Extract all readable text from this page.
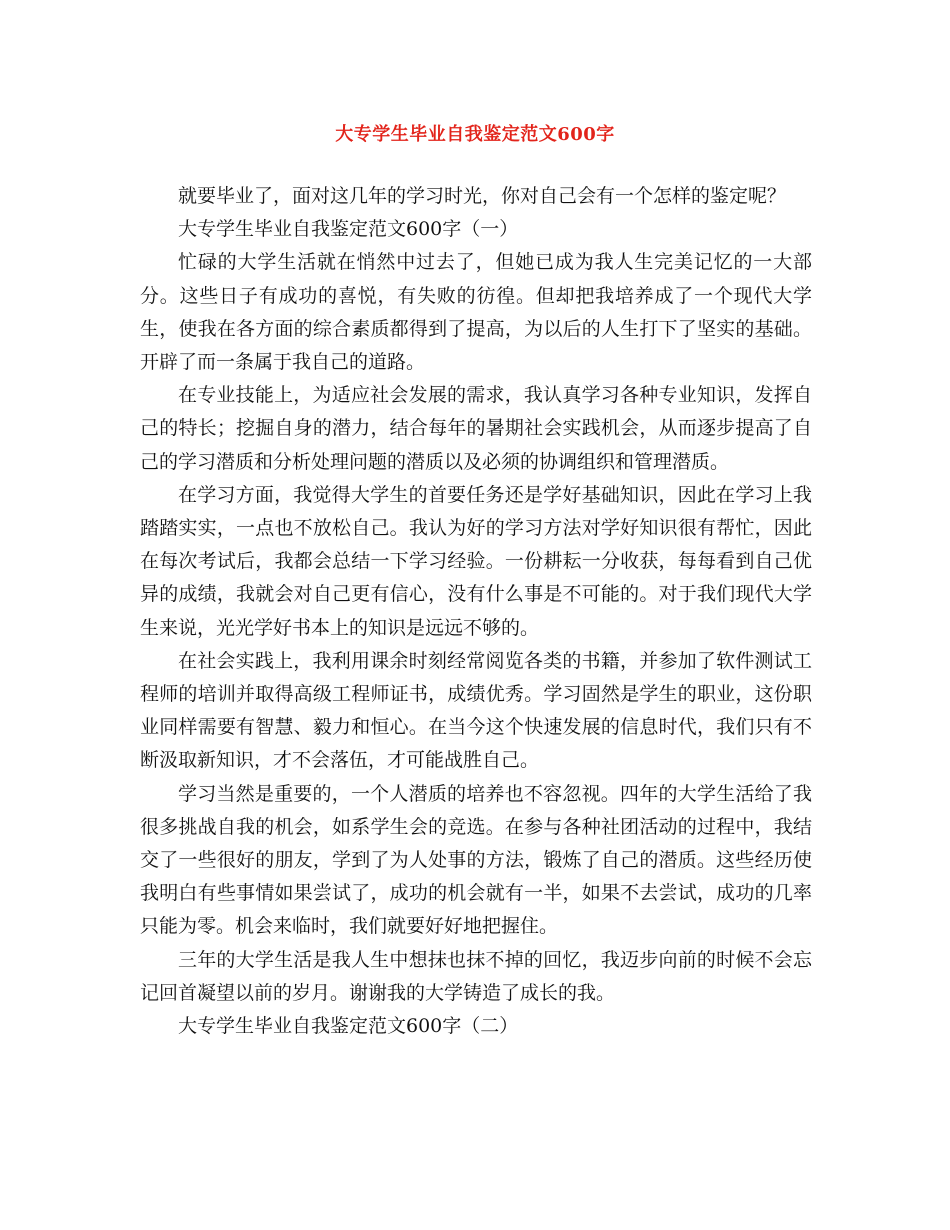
大专学生毕业自我鉴定范文600字

就要毕业了，面对这几年的学习时光，你对自己会有一个怎样的鉴定呢？

大专学生毕业自我鉴定范文600字（一）

忙碌的大学生活就在悄然中过去了，但她已成为我人生完美记忆的一大部分。这些日子有成功的喜悦，有失败的彷徨。但却把我培养成了一个现代大学生，使我在各方面的综合素质都得到了提高，为以后的人生打下了坚实的基础。开辟了而一条属于我自己的道路。

在专业技能上，为适应社会发展的需求，我认真学习各种专业知识，发挥自己的特长；挖掘自身的潜力，结合每年的暑期社会实践机会，从而逐步提高了自己的学习潜质和分析处理问题的潜质以及必须的协调组织和管理潜质。

在学习方面，我觉得大学生的首要任务还是学好基础知识，因此在学习上我踏踏实实，一点也不放松自己。我认为好的学习方法对学好知识很有帮忙，因此在每次考试后，我都会总结一下学习经验。一份耕耘一分收获，每每看到自己优异的成绩，我就会对自己更有信心，没有什么事是不可能的。对于我们现代大学生来说，光光学好书本上的知识是远远不够的。

在社会实践上，我利用课余时刻经常阅览各类的书籍，并参加了软件测试工程师的培训并取得高级工程师证书，成绩优秀。学习固然是学生的职业，这份职业同样需要有智慧、毅力和恒心。在当今这个快速发展的信息时代，我们只有不断汲取新知识，才不会落伍，才可能战胜自己。

学习当然是重要的，一个人潜质的培养也不容忽视。四年的大学生活给了我很多挑战自我的机会，如系学生会的竞选。在参与各种社团活动的过程中，我结交了一些很好的朋友，学到了为人处事的方法，锻炼了自己的潜质。这些经历使我明白有些事情如果尝试了，成功的机会就有一半，如果不去尝试，成功的几率只能为零。机会来临时，我们就要好好地把握住。

三年的大学生活是我人生中想抹也抹不掉的回忆，我迈步向前的时候不会忘记回首凝望以前的岁月。谢谢我的大学铸造了成长的我。

大专学生毕业自我鉴定范文600字（二）
